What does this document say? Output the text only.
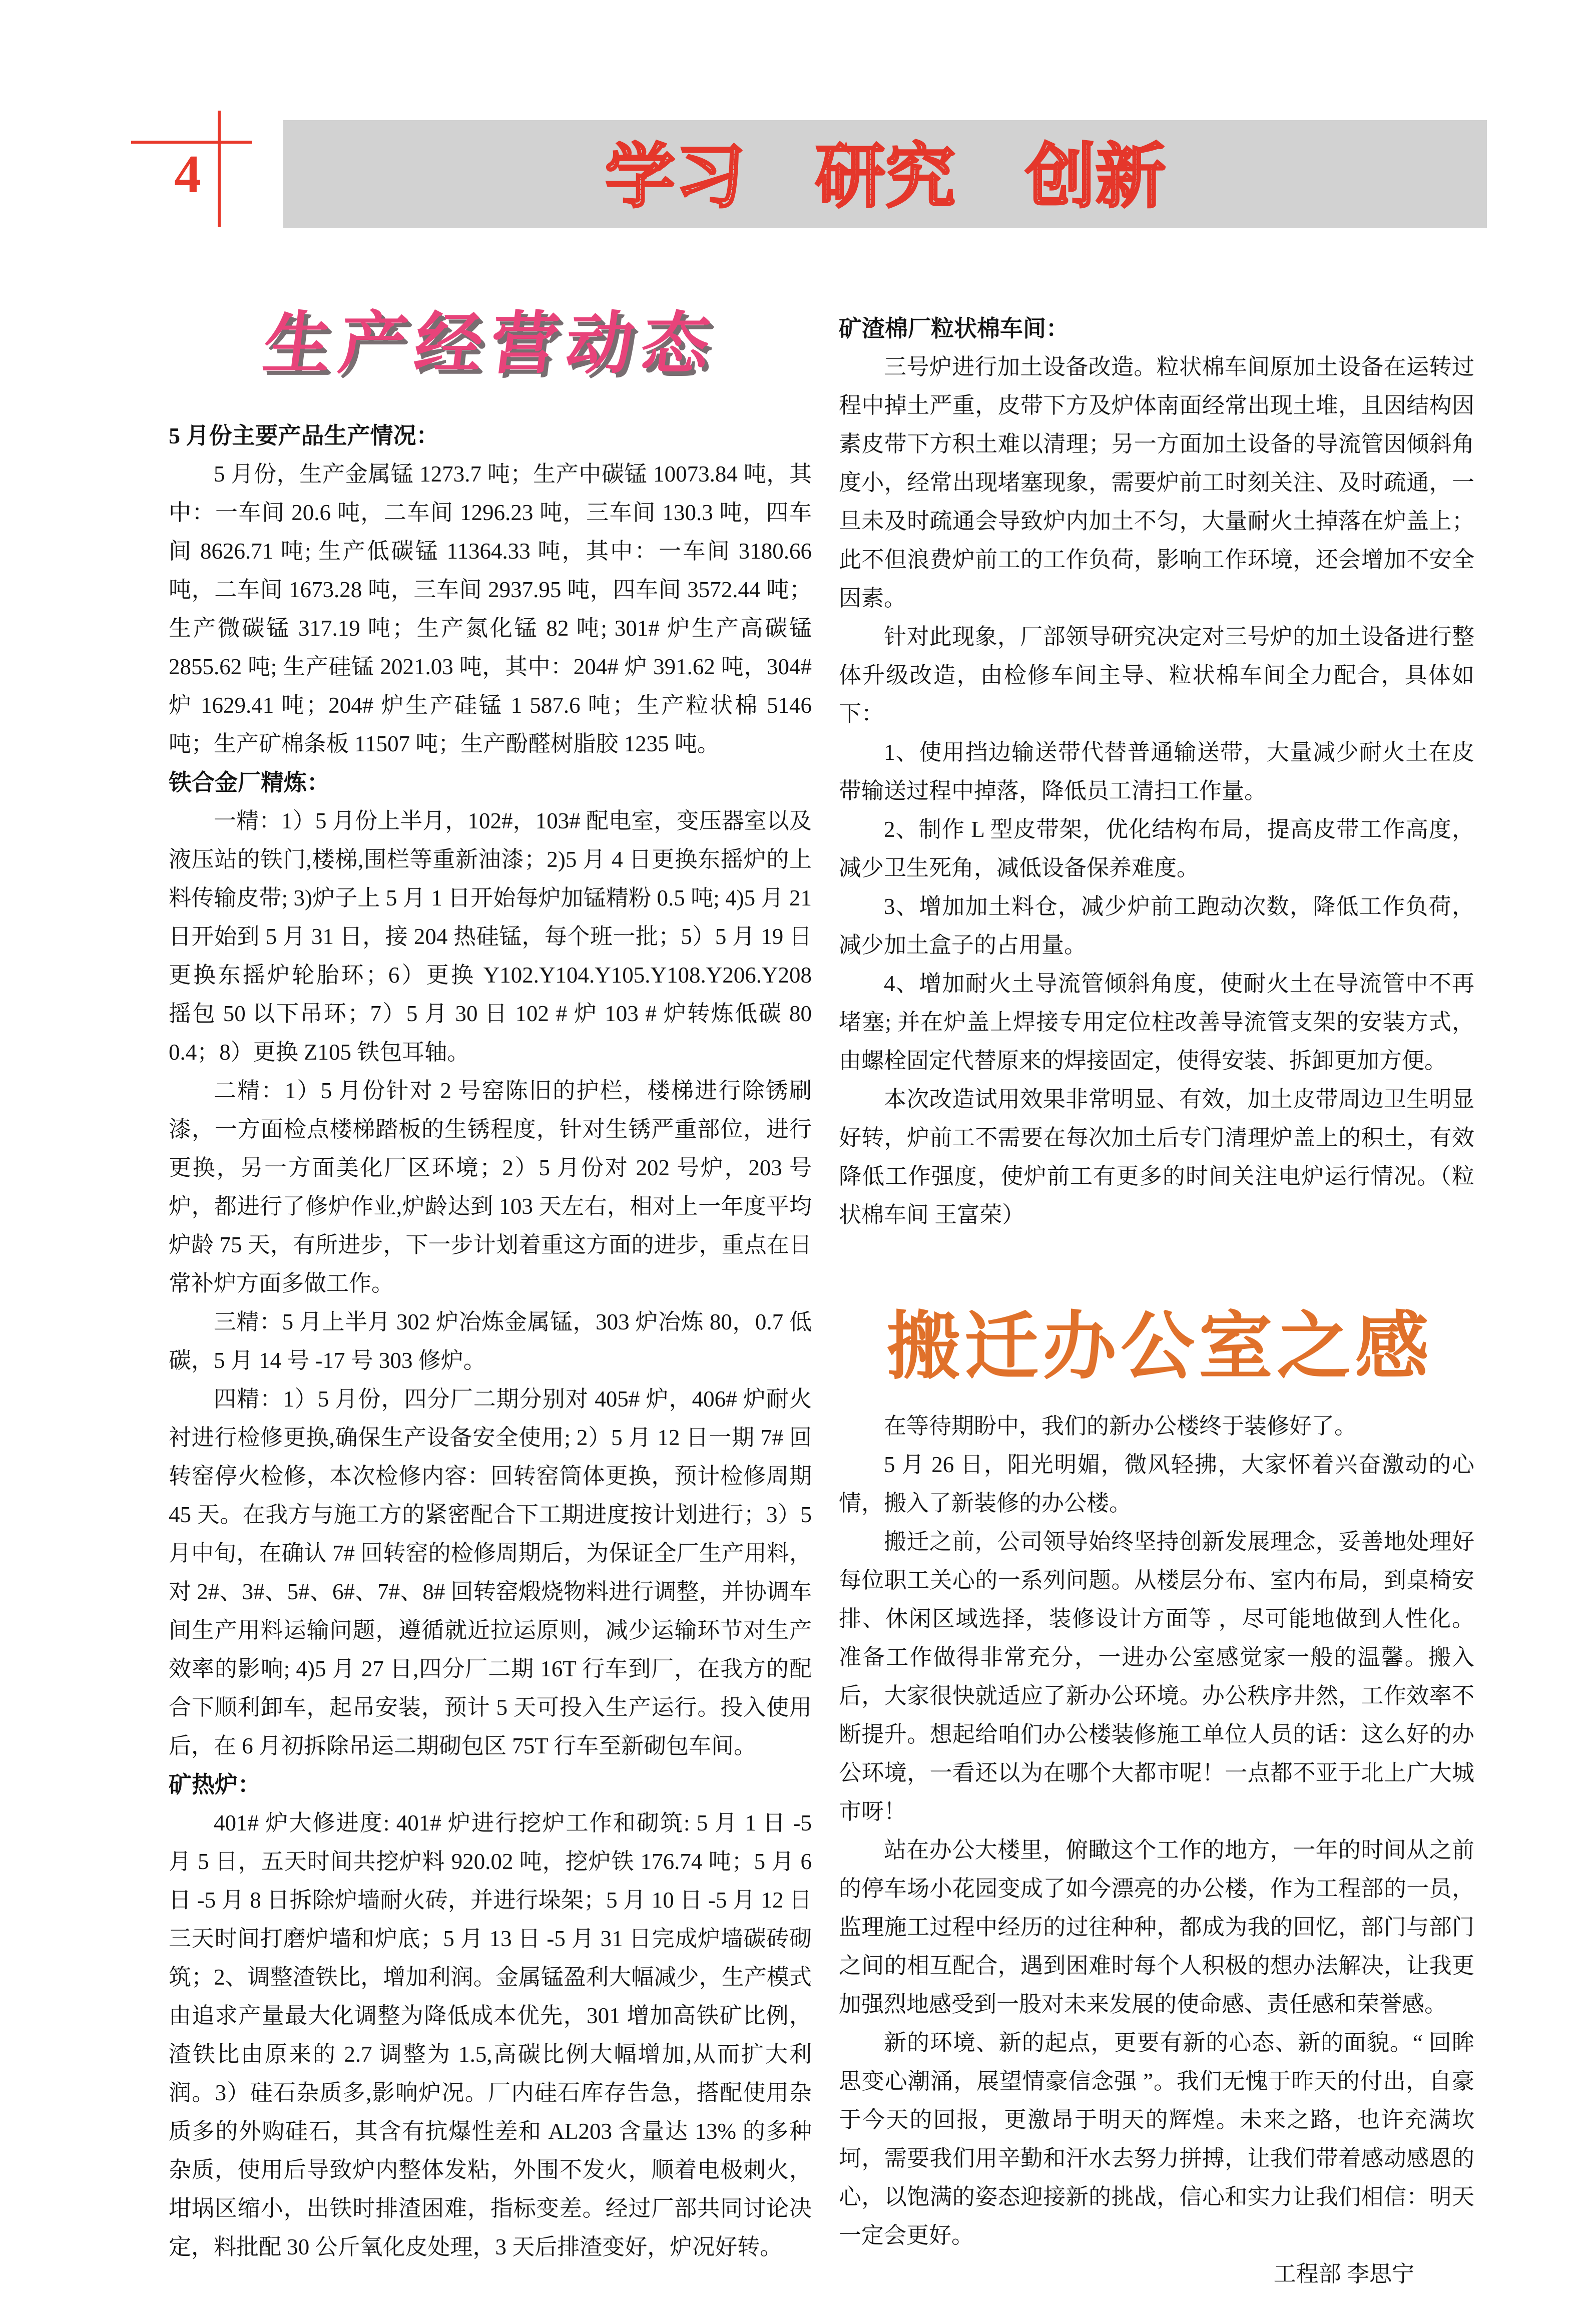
4	学习　研究　创新
生产经营动态
5 月份主要产品生产情况：

5 月份，生产金属锰 1273.7 吨；生产中碳锰 10073.84 吨，其中：一车间 20.6 吨，二车间 1296.23 吨，三车间 130.3 吨，四车间 8626.71 吨; 生产低碳锰 11364.33 吨，其中：一车间 3180.66 吨，二车间 1673.28 吨，三车间 2937.95 吨，四车间 3572.44 吨；生产微碳锰 317.19 吨；生产氮化锰 82 吨; 301# 炉生产高碳锰 2855.62 吨; 生产硅锰 2021.03 吨，其中：204# 炉 391.62 吨，304# 炉 1629.41 吨；204# 炉生产硅锰 1 587.6 吨；生产粒状棉 5146 吨；生产矿棉条板 11507 吨；生产酚醛树脂胶 1235 吨。

铁合金厂精炼：

一精：1）5 月份上半月，102#，103# 配电室，变压器室以及液压站的铁门,楼梯,围栏等重新油漆；2)5 月 4 日更换东摇炉的上料传输皮带; 3)炉子上 5 月 1 日开始每炉加锰精粉 0.5 吨; 4)5 月 21 日开始到 5 月 31 日，接 204 热硅锰，每个班一批；5）5 月 19 日更换东摇炉轮胎环；6）更换 Y102.Y104.Y105.Y108.Y206.Y208 摇包 50 以下吊环；7）5 月 30 日 102 # 炉 103 # 炉转炼低碳 80 0.4；8）更换 Z105 铁包耳轴。

二精：1）5 月份针对 2 号窑陈旧的护栏，楼梯进行除锈刷漆，一方面检点楼梯踏板的生锈程度，针对生锈严重部位，进行更换，另一方面美化厂区环境；2）5 月份对 202 号炉，203 号炉，都进行了修炉作业,炉龄达到 103 天左右，相对上一年度平均炉龄 75 天，有所进步，下一步计划着重这方面的进步，重点在日常补炉方面多做工作。

三精：5 月上半月 302 炉冶炼金属锰，303 炉冶炼 80，0.7 低碳，5 月 14 号 -17 号 303 修炉。

四精：1）5 月份，四分厂二期分别对 405# 炉，406# 炉耐火衬进行检修更换,确保生产设备安全使用; 2）5 月 12 日一期 7# 回转窑停火检修，本次检修内容：回转窑筒体更换，预计检修周期 45 天。在我方与施工方的紧密配合下工期进度按计划进行；3）5 月中旬，在确认 7# 回转窑的检修周期后，为保证全厂生产用料，对 2#、3#、5#、6#、7#、8# 回转窑煅烧物料进行调整，并协调车间生产用料运输问题，遵循就近拉运原则，减少运输环节对生产效率的影响; 4)5 月 27 日,四分厂二期 16T 行车到厂，在我方的配合下顺利卸车，起吊安装，预计 5 天可投入生产运行。投入使用后，在 6 月初拆除吊运二期砌包区 75T 行车至新砌包车间。

矿热炉：

401# 炉大修进度: 401# 炉进行挖炉工作和砌筑: 5 月 1 日 -5 月 5 日，五天时间共挖炉料 920.02 吨，挖炉铁 176.74 吨；5 月 6 日 -5 月 8 日拆除炉墙耐火砖，并进行垛架；5 月 10 日 -5 月 12 日三天时间打磨炉墙和炉底；5 月 13 日 -5 月 31 日完成炉墙碳砖砌筑；2、调整渣铁比，增加利润。金属锰盈利大幅减少，生产模式由追求产量最大化调整为降低成本优先，301 增加高铁矿比例，渣铁比由原来的 2.7 调整为 1.5,高碳比例大幅增加,从而扩大利润。3）硅石杂质多,影响炉况。厂内硅石库存告急，搭配使用杂质多的外购硅石，其含有抗爆性差和 AL203 含量达 13% 的多种杂质，使用后导致炉内整体发粘，外围不发火，顺着电极刺火，坩埚区缩小，出铁时排渣困难，指标变差。经过厂部共同讨论决定，料批配 30 公斤氧化皮处理，3 天后排渣变好，炉况好转。

矿渣棉厂粒状棉车间：

三号炉进行加土设备改造。粒状棉车间原加土设备在运转过程中掉土严重，皮带下方及炉体南面经常出现土堆，且因结构因素皮带下方积土难以清理；另一方面加土设备的导流管因倾斜角度小，经常出现堵塞现象，需要炉前工时刻关注、及时疏通，一旦未及时疏通会导致炉内加土不匀，大量耐火土掉落在炉盖上；此不但浪费炉前工的工作负荷，影响工作环境，还会增加不安全因素。

针对此现象，厂部领导研究决定对三号炉的加土设备进行整体升级改造，由检修车间主导、粒状棉车间全力配合，具体如下：

1、使用挡边输送带代替普通输送带，大量减少耐火土在皮带输送过程中掉落，降低员工清扫工作量。

2、制作 L 型皮带架，优化结构布局，提高皮带工作高度，减少卫生死角，减低设备保养难度。

3、增加加土料仓，减少炉前工跑动次数，降低工作负荷，减少加土盒子的占用量。

4、增加耐火土导流管倾斜角度，使耐火土在导流管中不再堵塞; 并在炉盖上焊接专用定位柱改善导流管支架的安装方式，由螺栓固定代替原来的焊接固定，使得安装、拆卸更加方便。

本次改造试用效果非常明显、有效，加土皮带周边卫生明显好转，炉前工不需要在每次加土后专门清理炉盖上的积土，有效降低工作强度，使炉前工有更多的时间关注电炉运行情况。（粒状棉车间 王富荣）

搬迁办公室之感

在等待期盼中，我们的新办公楼终于装修好了。

5 月 26 日，阳光明媚，微风轻拂，大家怀着兴奋激动的心情，搬入了新装修的办公楼。

搬迁之前，公司领导始终坚持创新发展理念，妥善地处理好每位职工关心的一系列问题。从楼层分布、室内布局，到桌椅安排、休闲区域选择，装修设计方面等 ，尽可能地做到人性化。准备工作做得非常充分，一进办公室感觉家一般的温馨。搬入后，大家很快就适应了新办公环境。办公秩序井然，工作效率不断提升。想起给咱们办公楼装修施工单位人员的话：这么好的办公环境，一看还以为在哪个大都市呢！一点都不亚于北上广大城市呀！

站在办公大楼里，俯瞰这个工作的地方，一年的时间从之前的停车场小花园变成了如今漂亮的办公楼，作为工程部的一员，监理施工过程中经历的过往种种，都成为我的回忆，部门与部门之间的相互配合，遇到困难时每个人积极的想办法解决，让我更加强烈地感受到一股对未来发展的使命感、责任感和荣誉感。

新的环境、新的起点，更要有新的心态、新的面貌。“ 回眸思变心潮涌，展望情豪信念强 ”。我们无愧于昨天的付出，自豪于今天的回报，更激昂于明天的辉煌。未来之路，也许充满坎坷，需要我们用辛勤和汗水去努力拼搏，让我们带着感动感恩的心，以饱满的姿态迎接新的挑战，信心和实力让我们相信：明天一定会更好。

工程部 李思宁
